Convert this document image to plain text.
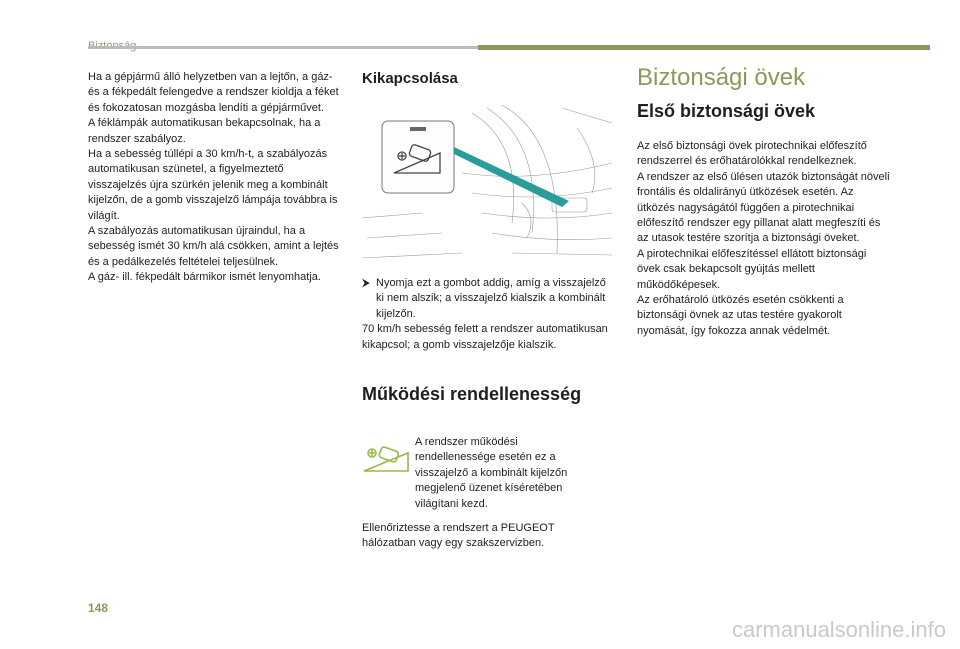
Ha a gépjármű álló helyzetben van a lejtőn, a gáz- és a fékpedált felengedve a rendszer kioldja a féket és fokozatosan mozgásba lendíti a gépjárművet.
A féklámpák automatikusan bekapcsolnak, ha a rendszer szabályoz.
Ha a sebesség túllépi a 30 km/h-t, a szabályozás automatikusan szünetel, a figyelmeztető visszajelzés újra szürkén jelenik meg a kombinált kijelzőn, de a gomb visszajelző lámpája továbbra is világít.
A szabályozás automatikusan újraindul, ha a sebesség ismét 30 km/h alá csökken, amint a lejtés és a pedálkezelés feltételei teljesülnek.
A gáz- ill. fékpedált bármikor ismét lenyomhatja.

Kikapcsolása
⮞ Nyomja ezt a gombot addig, amíg a visszajelző ki nem alszik; a visszajelző kialszik a kombinált kijelzőn.

70 km/h sebesség felett a rendszer automatikusan kikapcsol; a gomb visszajelzője kialszik.

Működési rendellenesség

A rendszer működési rendellenessége esetén ez a visszajelző a kombinált kijelzőn megjelenő üzenet kíséretében világítani kezd.

Ellenőriztesse a rendszert a PEUGEOT hálózatban vagy egy szakszervizben.

Biztonsági övek
Első biztonsági övek

Az első biztonsági övek pirotechnikai előfeszítő rendszerrel és erőhatárolókkal rendelkeznek.
A rendszer az első ülésen utazók biztonságát növeli frontális és oldalirányú ütközések esetén. Az ütközés nagyságától függően a pirotechnikai előfeszítő rendszer egy pillanat alatt megfeszíti és az utasok testére szorítja a biztonsági öveket.
A pirotechnikai előfeszítéssel ellátott biztonsági övek csak bekapcsolt gyújtás mellett működőképesek.
Az erőhatároló ütközés esetén csökkenti a biztonsági övnek az utas testére gyakorolt nyomását, így fokozza annak védelmét.

148
carmanualsonline.info
